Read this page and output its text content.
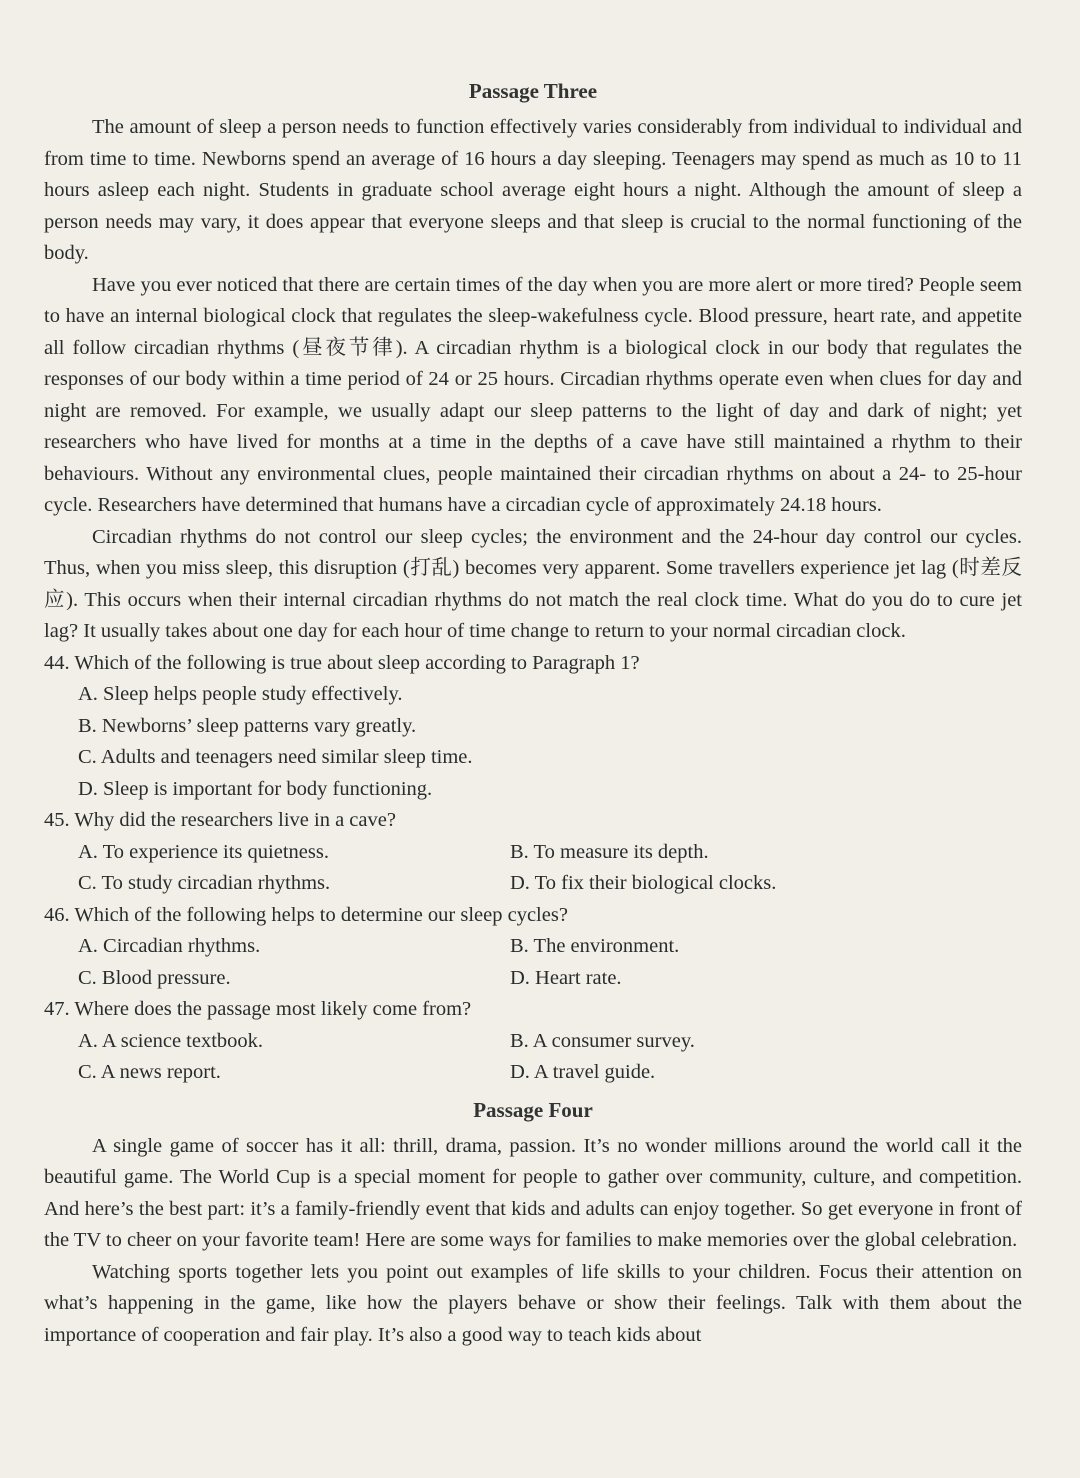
Passage Three

The amount of sleep a person needs to function effectively varies considerably from individual to individual and from time to time. Newborns spend an average of 16 hours a day sleeping. Teenagers may spend as much as 10 to 11 hours asleep each night. Students in graduate school average eight hours a night. Although the amount of sleep a person needs may vary, it does appear that everyone sleeps and that sleep is crucial to the normal functioning of the body.

Have you ever noticed that there are certain times of the day when you are more alert or more tired? People seem to have an internal biological clock that regulates the sleep-wakefulness cycle. Blood pressure, heart rate, and appetite all follow circadian rhythms (昼夜节律). A circadian rhythm is a biological clock in our body that regulates the responses of our body within a time period of 24 or 25 hours. Circadian rhythms operate even when clues for day and night are removed. For example, we usually adapt our sleep patterns to the light of day and dark of night; yet researchers who have lived for months at a time in the depths of a cave have still maintained a rhythm to their behaviours. Without any environmental clues, people maintained their circadian rhythms on about a 24- to 25-hour cycle. Researchers have determined that humans have a circadian cycle of approximately 24.18 hours.

Circadian rhythms do not control our sleep cycles; the environment and the 24-hour day control our cycles. Thus, when you miss sleep, this disruption (打乱) becomes very apparent. Some travellers experience jet lag (时差反应). This occurs when their internal circadian rhythms do not match the real clock time. What do you do to cure jet lag? It usually takes about one day for each hour of time change to return to your normal circadian clock.

44. Which of the following is true about sleep according to Paragraph 1?
A. Sleep helps people study effectively.
B. Newborns’ sleep patterns vary greatly.
C. Adults and teenagers need similar sleep time.
D. Sleep is important for body functioning.
45. Why did the researchers live in a cave?
A. To experience its quietness.	B. To measure its depth.
C. To study circadian rhythms.	D. To fix their biological clocks.
46. Which of the following helps to determine our sleep cycles?
A. Circadian rhythms.	B. The environment.
C. Blood pressure.	D. Heart rate.
47. Where does the passage most likely come from?
A. A science textbook.	B. A consumer survey.
C. A news report.	D. A travel guide.
Passage Four

A single game of soccer has it all: thrill, drama, passion. It’s no wonder millions around the world call it the beautiful game. The World Cup is a special moment for people to gather over community, culture, and competition. And here’s the best part: it’s a family-friendly event that kids and adults can enjoy together. So get everyone in front of the TV to cheer on your favorite team! Here are some ways for families to make memories over the global celebration.

Watching sports together lets you point out examples of life skills to your children. Focus their attention on what’s happening in the game, like how the players behave or show their feelings. Talk with them about the importance of cooperation and fair play. It’s also a good way to teach kids about
